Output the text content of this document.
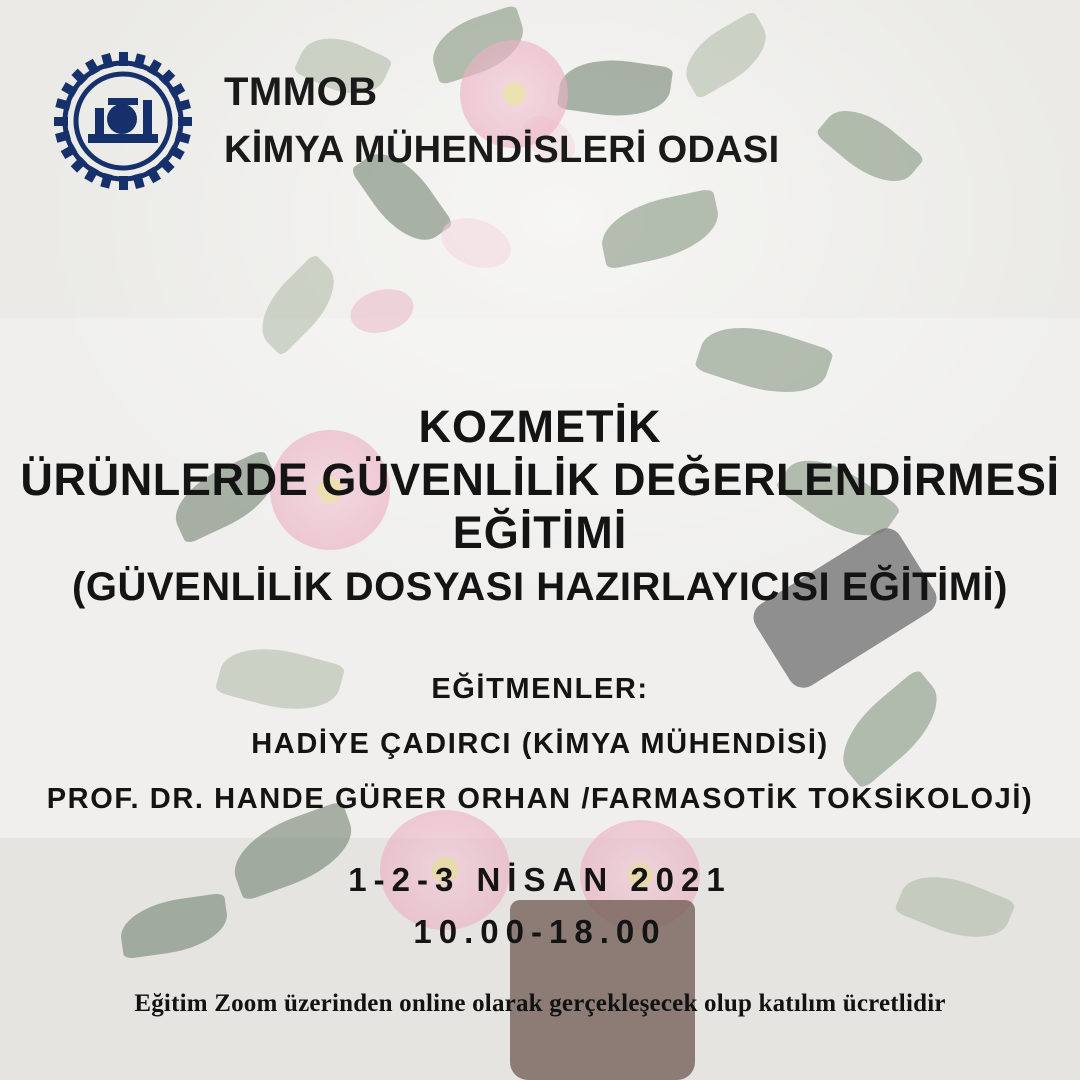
TMMOB
KİMYA MÜHENDİSLERİ ODASI
KOZMETİK
ÜRÜNLERDE GÜVENLİLİK DEĞERLENDİRMESİ
EĞİTİMİ
(GÜVENLİLİK DOSYASI HAZIRLAYICISI EĞİTİMİ)
EĞİTMENLER:
HADİYE ÇADIRCI (KİMYA MÜHENDİSİ)
PROF. DR. HANDE GÜRER ORHAN /FARMASOTİK TOKSİKOLOJİ)
1-2-3 NİSAN 2021
10.00-18.00
Eğitim Zoom üzerinden online olarak gerçekleşecek olup katılım ücretlidir
